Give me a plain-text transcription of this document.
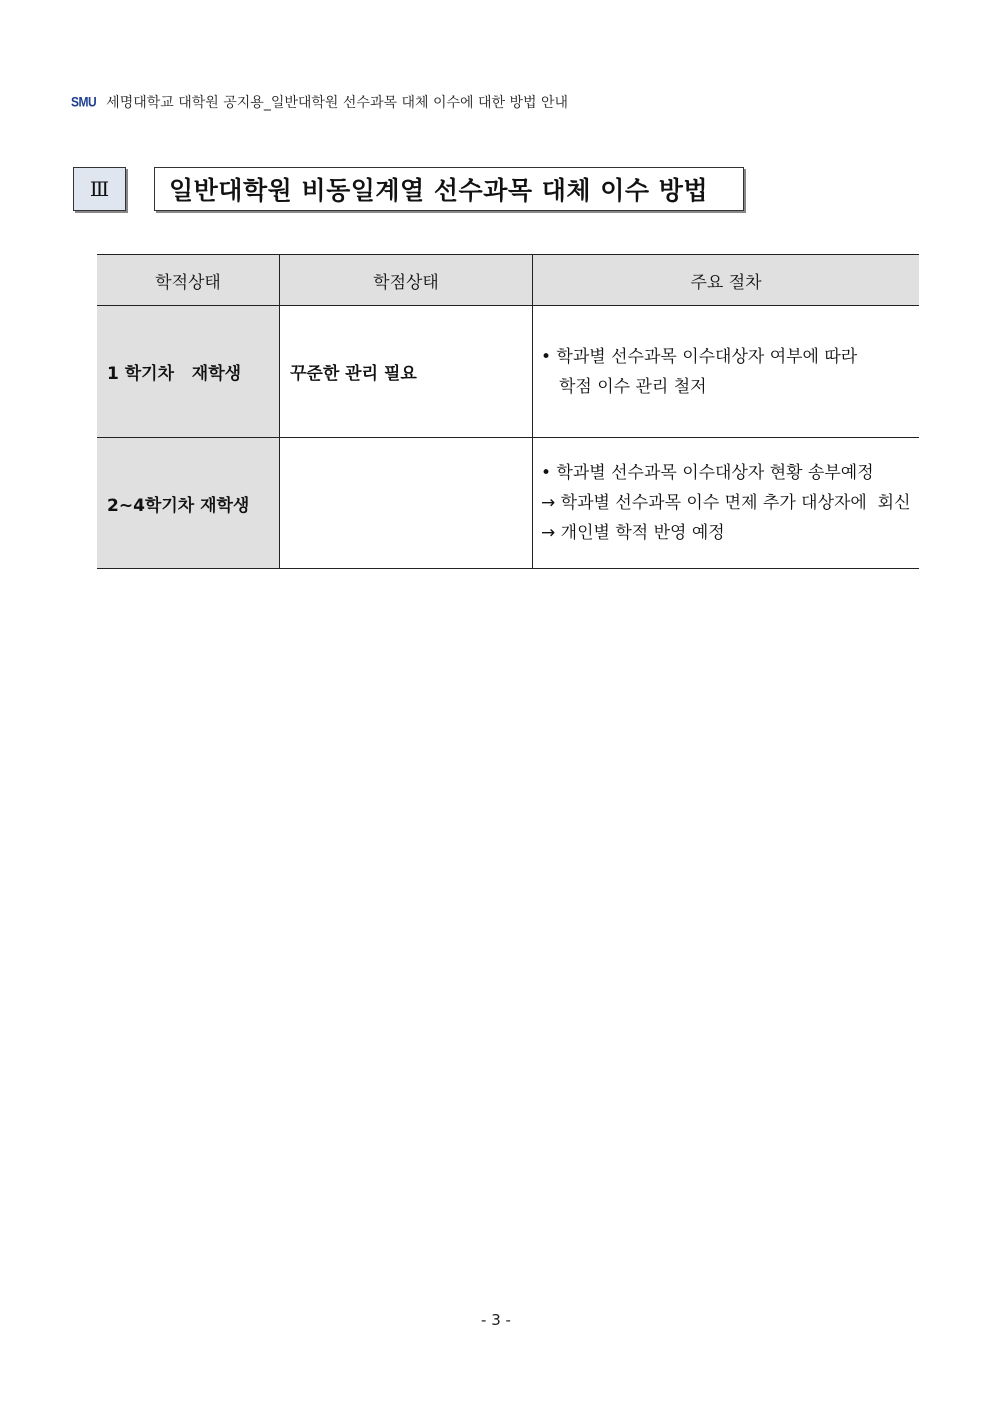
SMU 세명대학교 대학원 공지용_일반대학원 선수과목 대체 이수에 대한 방법 안내
Ⅲ	일반대학원 비동일계열 선수과목 대체 이수 방법
학적상태	학점상태	주요 절차
1 학기차   재학생	꾸준한 관리 필요	• 학과별 선수과목 이수대상자 여부에 따라
학점 이수 관리 철저

2~4학기차 재학생		• 학과별 선수과목 이수대상자 현황 송부예정
→ 학과별 선수과목 이수 면제 추가 대상자에  회신
→ 개인별 학적 반영 예정
- 3 -
